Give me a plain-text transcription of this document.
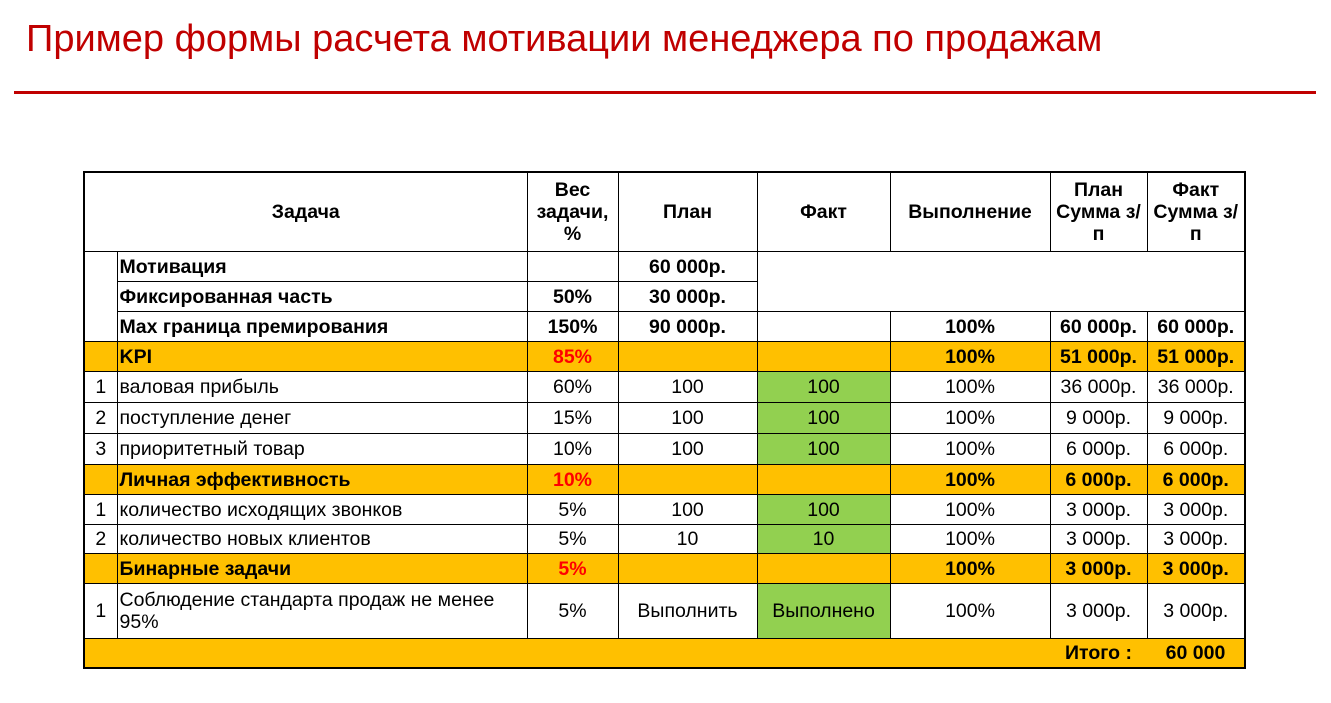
Пример формы расчета мотивации менеджера по продажам
Задача		Вес задачи, %	План	Факт	Выполнение	План Сумма з/п	Факт Сумма з/п
	Мотивация		60 000р.				
	Фиксированная часть	50%	30 000р.				
	Max граница премирования	150%	90 000р.		100%	60 000р.	60 000р.
	KPI	85%			100%	51 000р.	51 000р.
1	валовая прибыль	60%	100	100	100%	36 000р.	36 000р.
2	поступление денег	15%	100	100	100%	9 000р.	9 000р.
3	приоритетный товар	10%	100	100	100%	6 000р.	6 000р.
	Личная эффективность	10%			100%	6 000р.	6 000р.
1	количество исходящих звонков	5%	100	100	100%	3 000р.	3 000р.
2	количество новых клиентов	5%	10	10	100%	3 000р.	3 000р.
	Бинарные задачи	5%			100%	3 000р.	3 000р.
1	Соблюдение стандарта продаж не менее 95%	5%	Выполнить	Выполнено	100%	3 000р.	3 000р.
						Итого :	60 000
